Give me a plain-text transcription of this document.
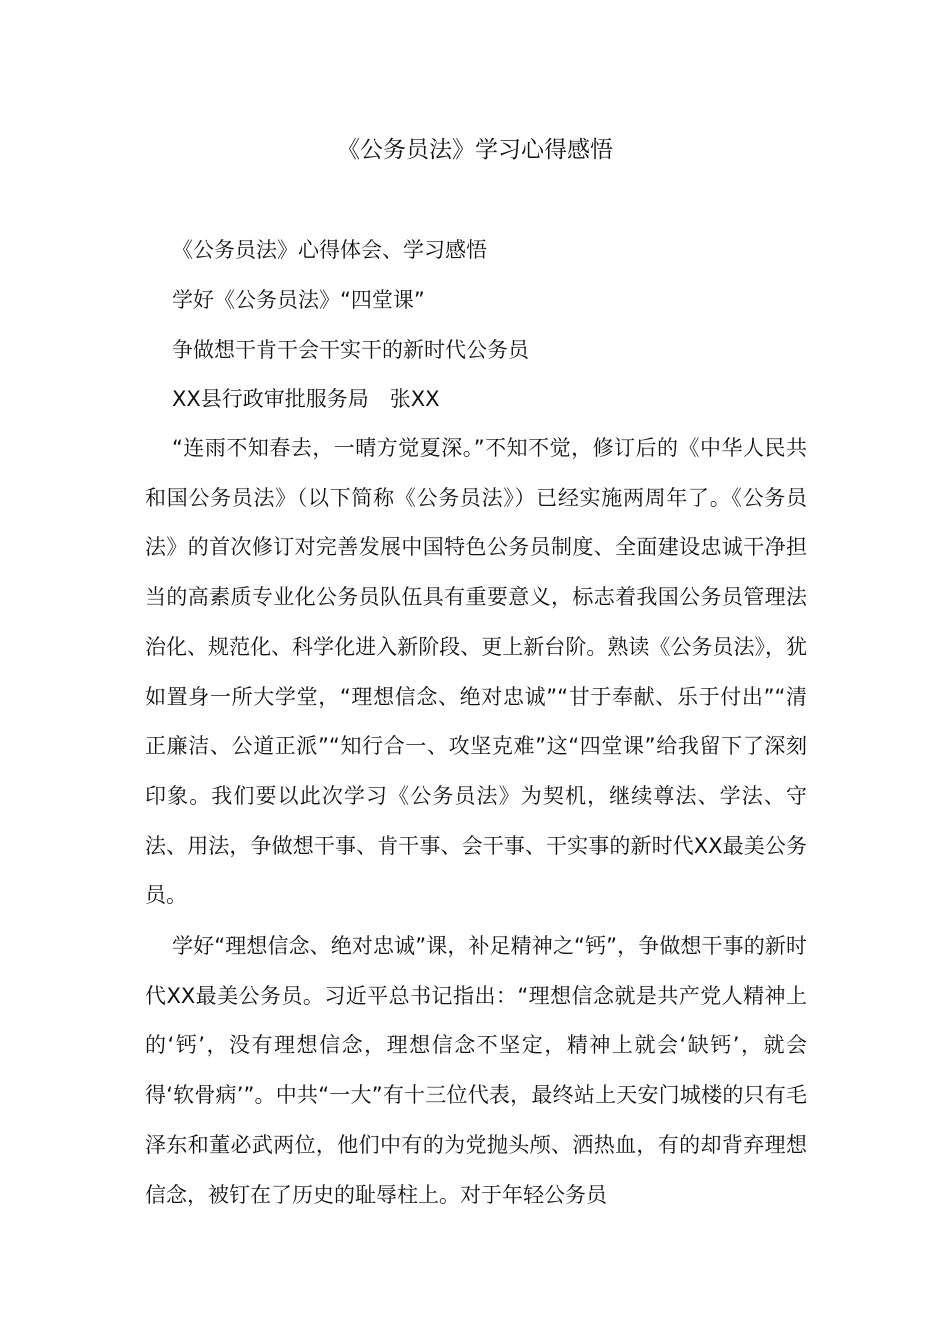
《公务员法》学习心得感悟

《公务员法》心得体会、学习感悟

学好《公务员法》“四堂课”

争做想干肯干会干实干的新时代公务员

XX县行政审批服务局　张XX

“连雨不知春去，一晴方觉夏深。”不知不觉，修订后的《中华人民共和国公务员法》（以下简称《公务员法》）已经实施两周年了。《公务员法》的首次修订对完善发展中国特色公务员制度、全面建设忠诚干净担当的高素质专业化公务员队伍具有重要意义，标志着我国公务员管理法治化、规范化、科学化进入新阶段、更上新台阶。熟读《公务员法》，犹如置身一所大学堂，“理想信念、绝对忠诚”“甘于奉献、乐于付出”“清正廉洁、公道正派”“知行合一、攻坚克难”这“四堂课”给我留下了深刻印象。我们要以此次学习《公务员法》为契机，继续尊法、学法、守法、用法，争做想干事、肯干事、会干事、干实事的新时代XX最美公务员。

学好“理想信念、绝对忠诚”课，补足精神之“钙”，争做想干事的新时代XX最美公务员。习近平总书记指出：“理想信念就是共产党人精神上的‘钙’，没有理想信念，理想信念不坚定，精神上就会‘缺钙’，就会得‘软骨病’”。中共“一大”有十三位代表，最终站上天安门城楼的只有毛泽东和董必武两位，他们中有的为党抛头颅、洒热血，有的却背弃理想信念，被钉在了历史的耻辱柱上。对于年轻公务员
